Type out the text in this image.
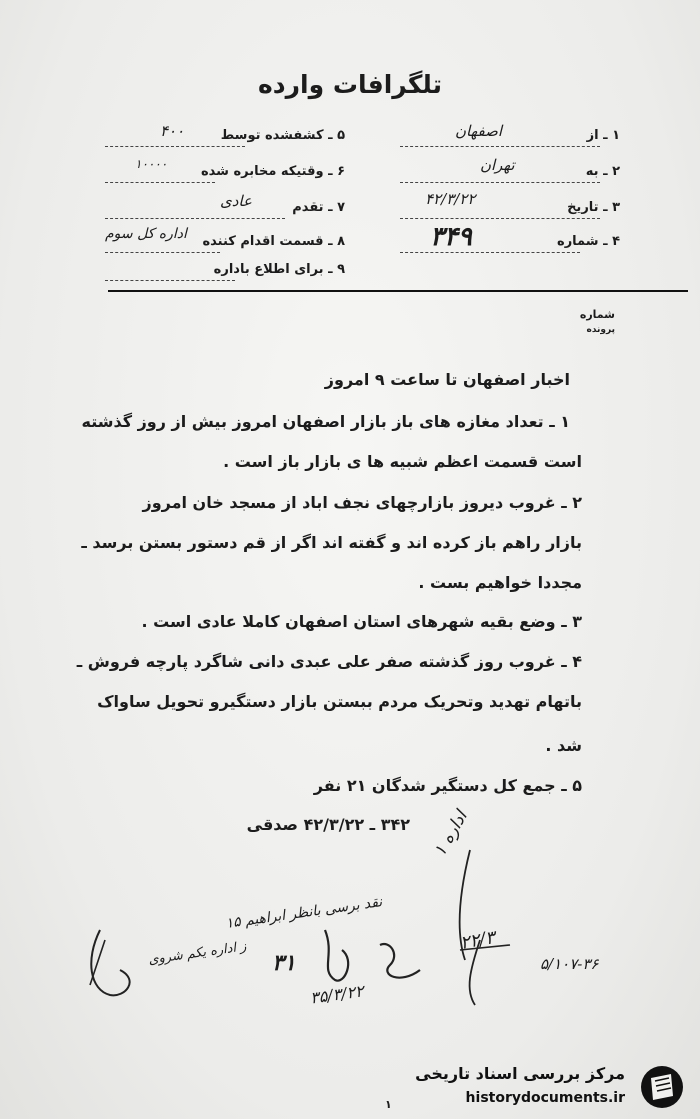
تلگرافات وارده
۱ ـ از
اصفهان
۲ ـ به
تهران
۳ ـ تاریخ
۴۲/۳/۲۲
۴ ـ شماره
۳۴۹
۵ ـ کشفشده توسط
۴۰۰
۶ ـ وقتیکه مخابره شده
۱۰۰۰۰
۷ ـ تقدم
عادی
۸ ـ قسمت اقدام کننده
اداره کل سوم
۹ ـ برای اطلاع باداره
شماره
پرونده
اخبار اصفهان تا ساعت ۹ امروز
۱ ـ تعداد مغازه های باز بازار اصفهان امروز بیش از روز گذشته
است قسمت اعظم شبیه ها ی بازار باز است .
۲ ـ غروب دیروز بازارچهای نجف اباد از مسجد خان امروز
بازار راهم باز کرده اند و گفته اند اگر از قم دستور بستن برسد ـ
مجددا خواهیم بست .
۳ ـ وضع بقیه شهرهای استان اصفهان کاملا عادی است .
۴ ـ غروب روز گذشته صفر علی عبدی دانی شاگرد پارچه فروش ـ
باتهام تهدید وتحریک مردم ببستن بازار دستگیرو تحویل ساواک
شد .
۵ ـ جمع کل دستگیر شدگان ۲۱ نفر
۳۴۲ ـ ۴۲/۳/۲۲ صدقی
اداره ۱
۲۲/۳
۵/۱۰۷-۳۶
نقد برسی بانظر ابراهیم ۱۵
ز اداره یکم شروی ۳۱
۳۵/۳/۲۲
۱
مرکز بررسی اسناد تاریخی
historydocuments.ir
